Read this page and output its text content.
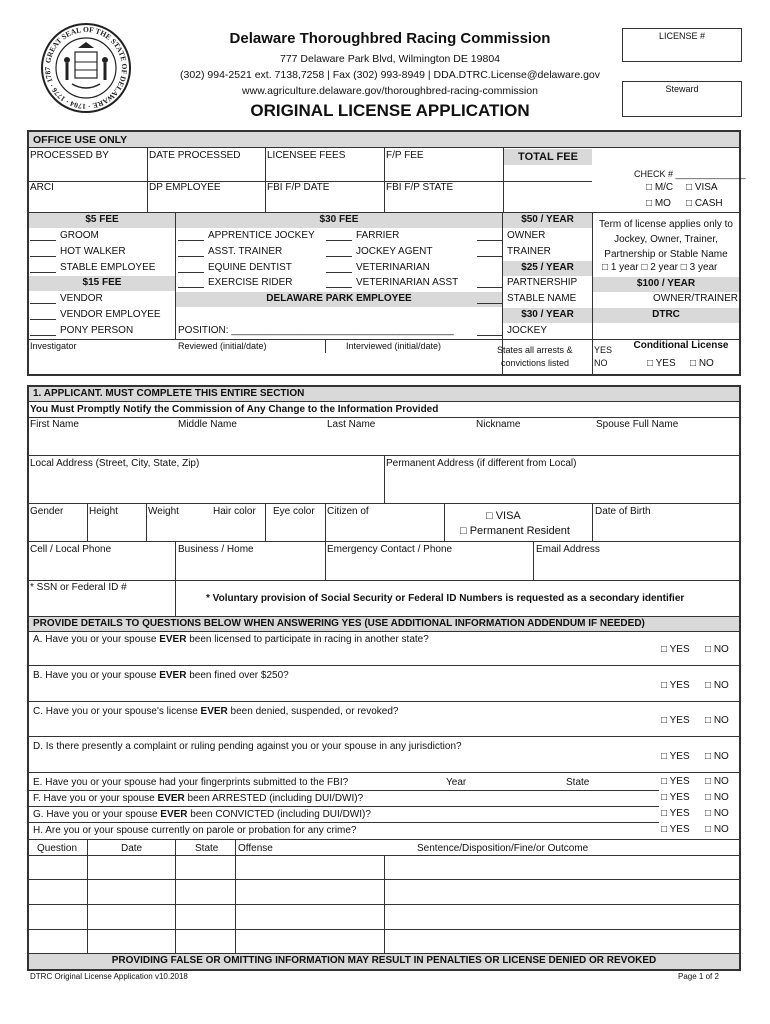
GREAT SEAL OF THE STATE OF DELAWARE · 1704 · 1776 · 1787
Delaware Thoroughbred Racing Commission
777 Delaware Park Blvd, Wilmington DE 19804
(302) 994-2521 ext. 7138,7258 | Fax (302) 993-8949 | DDA.DTRC.License@delaware.gov
www.agriculture.delaware.gov/thoroughbred-racing-commission
ORIGINAL LICENSE APPLICATION
LICENSE #
Steward
OFFICE USE ONLY
PROCESSED BY	DATE PROCESSED	LICENSEE FEES	F/P FEE	TOTAL FEE
ARCI	DP EMPLOYEE	FBI F/P DATE	FBI F/P STATE
CHECK # ______________
□ M/C □ VISA
□ MO □ CASH
$5 FEE
GROOM
HOT WALKER
STABLE EMPLOYEE
$15 FEE
VENDOR
VENDOR EMPLOYEE
PONY PERSON
$30 FEE
APPRENTICE JOCKEY
ASST. TRAINER
EQUINE DENTIST
EXERCISE RIDER
FARRIER
JOCKEY AGENT
VETERINARIAN
VETERINARIAN ASST
DELAWARE PARK EMPLOYEE
POSITION: ________________________________________
$50 / YEAR
OWNER
TRAINER
$25 / YEAR
PARTNERSHIP
STABLE NAME
$30 / YEAR
JOCKEY
Term of license applies only to Jockey, Owner, Trainer, Partnership or Stable Name
□ 1 year □ 2 year □ 3 year
$100 / YEAR
OWNER/TRAINER
DTRC
Investigator	Reviewed (initial/date)	Interviewed (initial/date)	States all arrests &
convictions listed
YES
NO
Conditional License
□ YES □ NO
1. APPLICANT. MUST COMPLETE THIS ENTIRE SECTION
You Must Promptly Notify the Commission of Any Change to the Information Provided
First Name	Middle Name	Last Name	Nickname	Spouse Full Name
Local Address (Street, City, State, Zip)	Permanent Address (if different from Local)
Gender	Height	Weight	Hair color Eye color Citizen of	□ VISA
□ Permanent Resident
Date of Birth
Cell / Local Phone	Business / Home	Emergency Contact / Phone	Email Address
* SSN or Federal ID #
* Voluntary provision of Social Security or Federal ID Numbers is requested as a secondary identifier
PROVIDE DETAILS TO QUESTIONS BELOW WHEN ANSWERING YES (USE ADDITIONAL INFORMATION ADDENDUM IF NEEDED)
A. Have you or your spouse EVER been licensed to participate in racing in another state?
□ YES □ NO
B. Have you or your spouse EVER been fined over $250?
□ YES □ NO
C. Have you or your spouse's license EVER been denied, suspended, or revoked?
□ YES □ NO
D. Is there presently a complaint or ruling pending against you or your spouse in any jurisdiction?
□ YES □ NO
E. Have you or your spouse had your fingerprints submitted to the FBI?	Year	State	□ YES □ NO
F. Have you or your spouse EVER been ARRESTED (including DUI/DWI)?	□ YES □ NO
G. Have you or your spouse EVER been CONVICTED (including DUI/DWI)?	□ YES □ NO
H. Are you or your spouse currently on parole or probation for any crime?	□ YES □ NO
Question	Date	State Offense	Sentence/Disposition/Fine/or Outcome
PROVIDING FALSE OR OMITTING INFORMATION MAY RESULT IN PENALTIES OR LICENSE DENIED OR REVOKED
DTRC Original License Application v10.2018	Page 1 of 2
